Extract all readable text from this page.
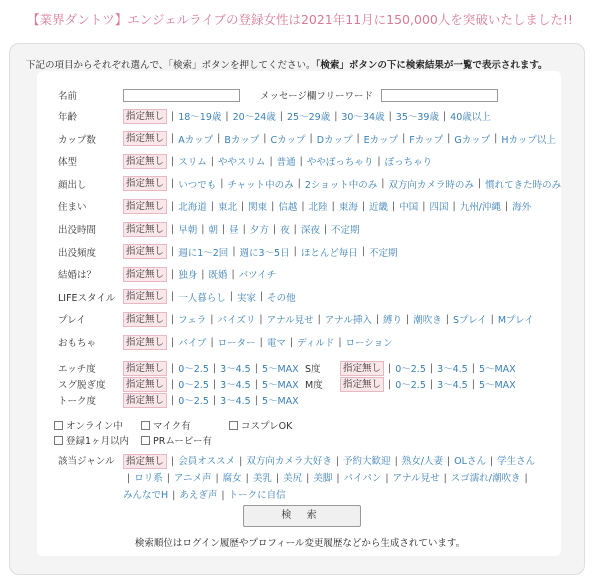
【業界ダントツ】エンジェルライブの登録女性は2021年11月に150,000人を突破いたしました!!
下記の項目からそれぞれ選んで、「検索」ボタンを押してください。「検索」ボタンの下に検索結果が一覧で表示されます。
名前	メッセージ欄フリーワード
年齢	指定無し | 18～19歳 | 20～24歳 | 25～29歳 | 30～34歳 | 35～39歳 | 40歳以上
カップ数	指定無し | Aカップ | Bカップ | Cカップ | Dカップ | Eカップ | Fカップ | Gカップ | Hカップ以上
体型	指定無し | スリム | ややスリム | 普通 | ややぽっちゃり | ぽっちゃり
顔出し	指定無し | いつでも | チャット中のみ | 2ショット中のみ | 双方向カメラ時のみ | 慣れてきた時のみ
住まい	指定無し | 北海道 | 東北 | 関東 | 信越 | 北陸 | 東海 | 近畿 | 中国 | 四国 | 九州/沖縄 | 海外
出没時間	指定無し | 早朝 | 朝 | 昼 | 夕方 | 夜 | 深夜 | 不定期
出没頻度	指定無し | 週に1～2回 | 週に3～5日 | ほとんど毎日 | 不定期
結婚は？	指定無し | 独身 | 既婚 | バツイチ
LIFEスタイル	指定無し | 一人暮らし | 実家 | その他
プレイ	指定無し | フェラ | パイズリ | アナル見せ | アナル挿入 | 縛り | 潮吹き | Sプレイ | Mプレイ
おもちゃ	指定無し | バイブ | ローター | 電マ | ディルド | ローション
エッチ度	指定無し | 0～2.5 | 3～4.5 | 5～MAX
スグ脱ぎ度	指定無し | 0～2.5 | 3～4.5 | 5～MAX
トーク度	指定無し | 0～2.5 | 3～4.5 | 5～MAX
S度	指定無し | 0～2.5 | 3～4.5 | 5～MAX
M度	指定無し | 0～2.5 | 3～4.5 | 5～MAX
オンライン中	マイク有	コスプレOK
登録1ヶ月以内	PRムービー有
該当ジャンル	指定無し | 会員オススメ | 双方向カメラ大好き | 予約大歓迎 | 熟女/人妻 | OLさん | 学生さん
| ロリ系 | アニメ声 | 腐女 | 美乳 | 美尻 | 美脚 | パイパン | アナル見せ | スゴ濡れ/潮吹き |
みんなでH | あえぎ声 | トークに自信
検 索
検索順位はログイン履歴やプロフィール変更履歴などから生成されています。
